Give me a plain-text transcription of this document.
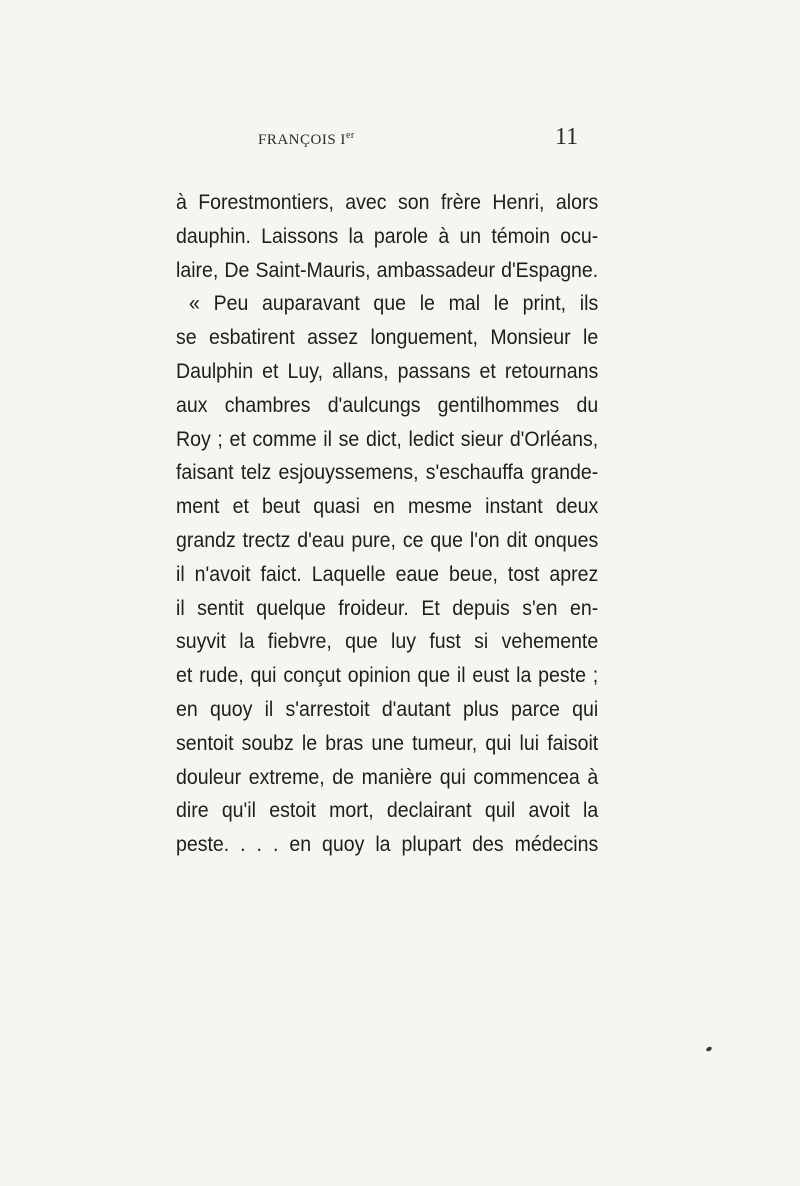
FRANÇOIS Ier	11
à Forestmontiers, avec son frère Henri, alors
dauphin. Laissons la parole à un témoin ocu-
laire, De Saint-Mauris, ambassadeur d'Espagne.
« Peu auparavant que le mal le print, ils
se esbatirent assez longuement, Monsieur le
Daulphin et Luy, allans, passans et retournans
aux chambres d'aulcungs gentilhommes du
Roy ; et comme il se dict, ledict sieur d'Orléans,
faisant telz esjouyssemens, s'eschauffa grande-
ment et beut quasi en mesme instant deux
grandz trectz d'eau pure, ce que l'on dit onques
il n'avoit faict. Laquelle eaue beue, tost aprez
il sentit quelque froideur. Et depuis s'en en-
suyvit la fiebvre, que luy fust si vehemente
et rude, qui conçut opinion que il eust la peste ;
en quoy il s'arrestoit d'autant plus parce qui
sentoit soubz le bras une tumeur, qui lui faisoit
douleur extreme, de manière qui commencea à
dire qu'il estoit mort, declairant quil avoit la
peste. . . . en quoy la plupart des médecins
